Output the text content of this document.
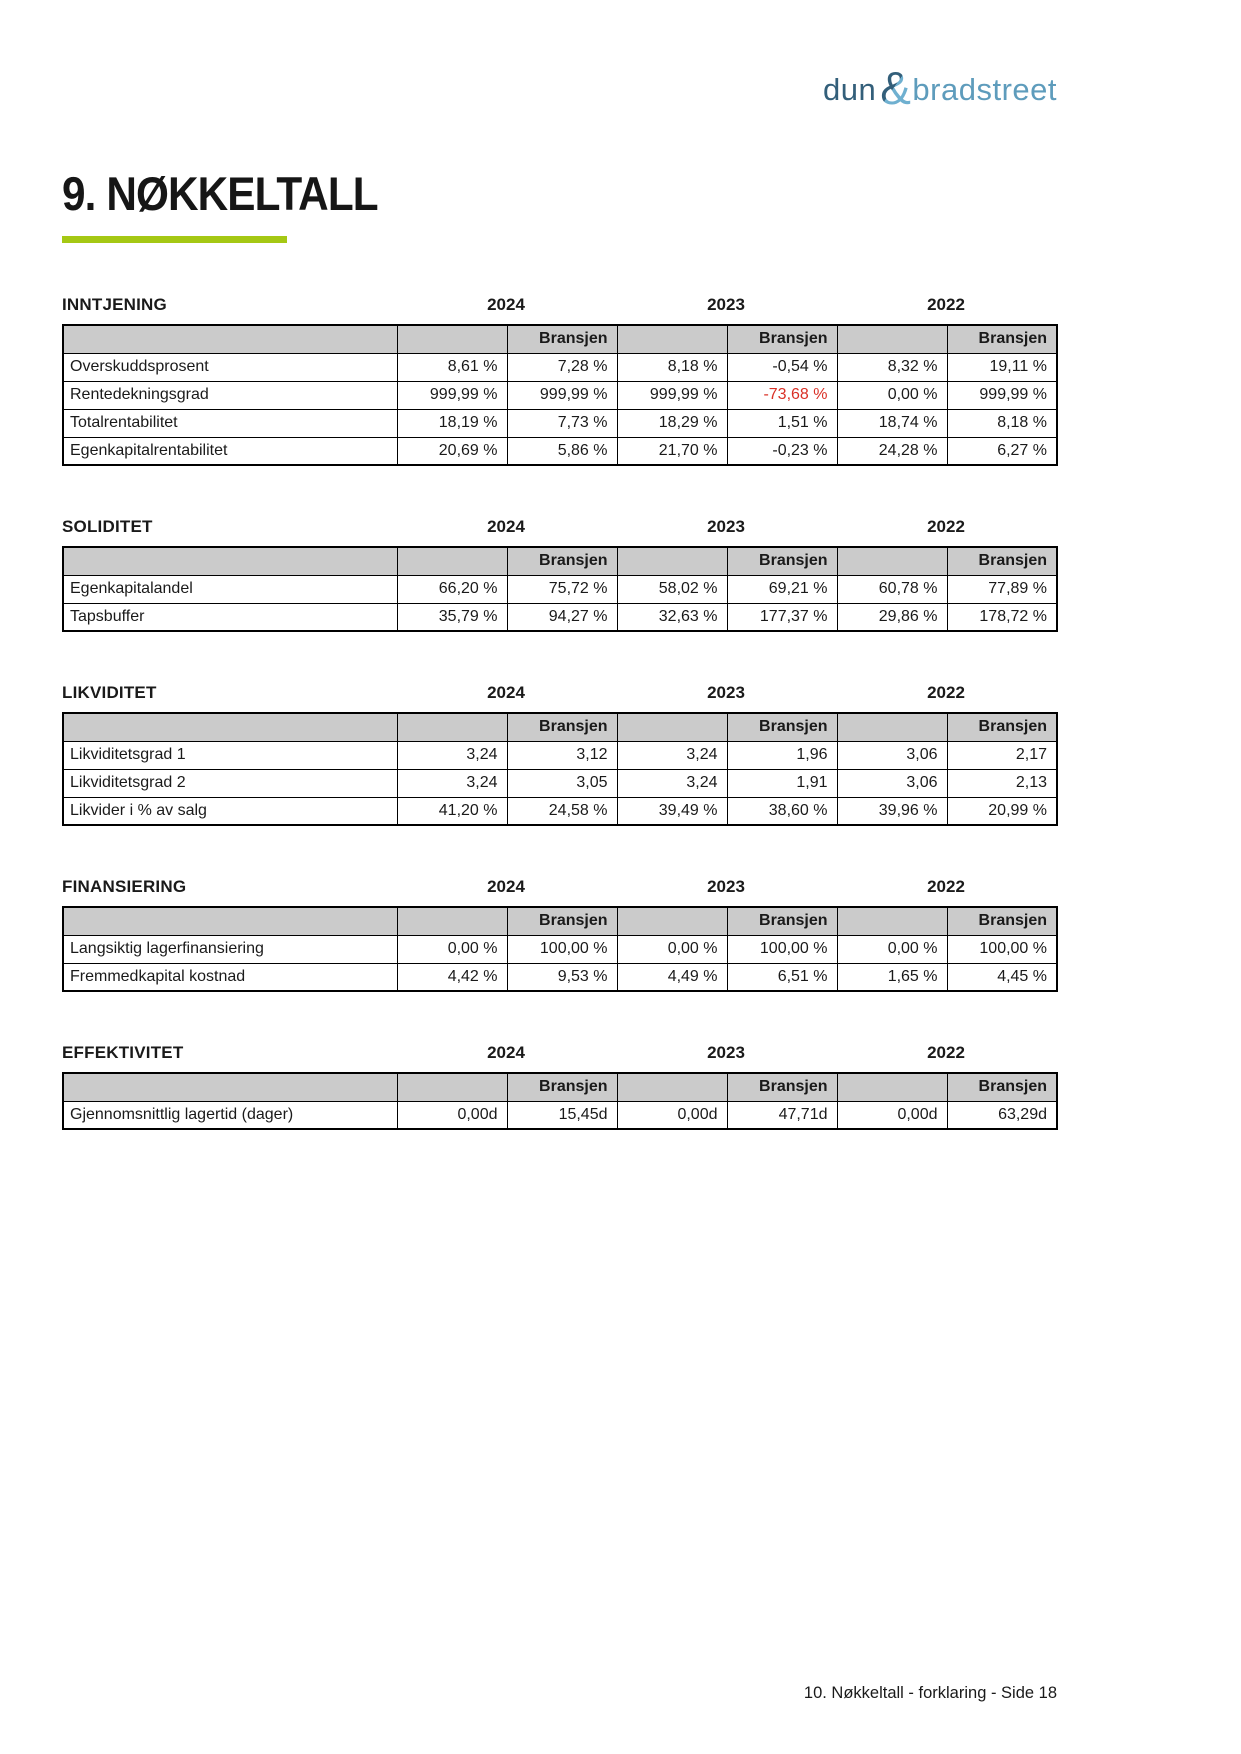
dun & bradstreet
9. NØKKELTALL
INNTJENING	2024	2023	2022
		Bransjen		Bransjen		Bransjen
Overskuddsprosent	8,61 %	7,28 %	8,18 %	-0,54 %	8,32 %	19,11 %
Rentedekningsgrad	999,99 %	999,99 %	999,99 %	-73,68 %	0,00 %	999,99 %
Totalrentabilitet	18,19 %	7,73 %	18,29 %	1,51 %	18,74 %	8,18 %
Egenkapitalrentabilitet	20,69 %	5,86 %	21,70 %	-0,23 %	24,28 %	6,27 %
SOLIDITET	2024	2023	2022
		Bransjen		Bransjen		Bransjen
Egenkapitalandel	66,20 %	75,72 %	58,02 %	69,21 %	60,78 %	77,89 %
Tapsbuffer	35,79 %	94,27 %	32,63 %	177,37 %	29,86 %	178,72 %
LIKVIDITET	2024	2023	2022
		Bransjen		Bransjen		Bransjen
Likviditetsgrad 1	3,24	3,12	3,24	1,96	3,06	2,17
Likviditetsgrad 2	3,24	3,05	3,24	1,91	3,06	2,13
Likvider i % av salg	41,20 %	24,58 %	39,49 %	38,60 %	39,96 %	20,99 %
FINANSIERING	2024	2023	2022
		Bransjen		Bransjen		Bransjen
Langsiktig lagerfinansiering	0,00 %	100,00 %	0,00 %	100,00 %	0,00 %	100,00 %
Fremmedkapital kostnad	4,42 %	9,53 %	4,49 %	6,51 %	1,65 %	4,45 %
EFFEKTIVITET	2024	2023	2022
		Bransjen		Bransjen		Bransjen
Gjennomsnittlig lagertid (dager)	0,00d	15,45d	0,00d	47,71d	0,00d	63,29d
10. Nøkkeltall - forklaring - Side 18
